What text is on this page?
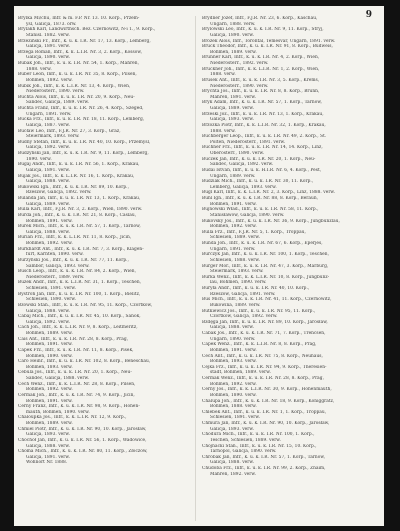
9
Brylka Mi/chu, Infr. & m. F.P. Nr. 13. 10. Korp., Przem-
yśl, Galicja, 1873. orw.
Brylakh Karl, Landwirthsch. Bez. Czernowitz, N-i 1., 9. Korp.,
Stanisl. 1882. verw.
Brzeziński Fr., Infr., k. u. k. I.R. Nr. 17, 13. Korp., Lemberg,
Galicja, 1891. verw.
Brzega Roman, Infr., k. k. L.I.R. Nr. 3, 2. Korp., Kossów,
Galicja, 1890. verw.
Bubak Joh., Infr., k. u. k. I.R. Nr. 54, 1. Korp., Mähren,
1888. verw.
Buber Leon, Infr., k. u. k. I.R. Nr. 35, 8. Korp., Pilsen,
Böhmen, 1892. verw.
Bubik Joh., Infr., k. k. L.I.R. Nr. 13, 4. Korp., Wien,
Niederösterr., 1890. verw.
Buchta Alois, Infr., k. u. k. I.R. Nr. 20, 9. Korp., Neu-
Sandec, Galicja, 1889. verw.
Buchta Franz, Infr., k. u. k. I.R. Nr. 26, 4. Korp., Szeged,
Ungarn, 1891. verw.
Bucka Frz., Infr., k. u. k. I.R. Nr. 18, 11. Korp., Lemberg,
Galicja, 1887. verw.
Bucław Leo, Infr., F.J.R. Nr. 27, 3. Korp., Graz,
Steiermark, 1893. verw.
Budny Stefan, Infr., k. u. k. I.R. Nr. 40, 10. Korp., Przemyśl,
Galicja, 1892. verw.
Budzyński Jan, Infr., k. u. k. I.R. Nr. 9, 11. Korp., Lemberg,
1890. verw.
Bugaj Andr., Infr., k. u. k. I.R. Nr. 56, 1. Korp., Krakau,
Galicja, 1891. verw.
Bujak Jos., Infr., k. k. L.I.R. Nr. 16, 1. Korp., Krakau,
Galicja, 1888. verw.
Bukowski Ign., Infr., k. u. k. I.R. Nr. 89, 10. Korp.,
Rzeszów, Galicja, 1892. verw.
Bulanda Jan, Infr., k. u. k. I.R. Nr. 13, 1. Korp., Krakau,
Galicja, 1889. verw.
Bulla Karl, Infr., F.J.R. Nr. 3, 2. Korp., Wien, 1890. verw.
Burda Joh., Infr., k. u. k. I.R. Nr. 21, 8. Korp., Čáslau,
Böhmen, 1891. verw.
Burek Mich., Infr., k. u. k. I.R. Nr. 57, 1. Korp., Tarnów,
Galicja, 1888. verw.
Burian Frz., Infr., k. k. L.I.R. Nr. 11, 8. Korp., Jičín,
Böhmen, 1892. verw.
Burkhardt Ant., Infr., k. u. k. I.R. Nr. 7, 3. Korp., Klagen-
furt, Kärnten, 1890. verw.
Burzyński Jos., Infr., k. u. k. I.R. Nr. 77, 11. Korp.,
Sambor, Galicja, 1893. verw.
Busch Leop., Infr., k. u. k. I.R. Nr. 84, 2. Korp., Wien,
Niederösterr., 1889. verw.
Buzek Andr., Infr., k. k. L.I.R. Nr. 31, 1. Korp., Teschen,
Schlesien, 1891. verw.
Bystroń Jan, Infr., k. u. k. I.R. Nr. 100, 1. Korp., Bielitz,
Schlesien, 1890. verw.
Bzowski Stan., Infr., k. u. k. I.R. Nr. 95, 11. Korp., Czortków,
Galicja, 1888. verw.
Cabaj Mich., Infr., k. u. k. I.R. Nr. 45, 10. Korp., Sanok,
Galicja, 1892. verw.
Cach Joh., Infr., k. k. L.I.R. Nr. 9, 8. Korp., Leitmeritz,
Böhmen, 1889. verw.
Cais Ant., Infr., k. u. k. I.R. Nr. 28, 8. Korp., Prag,
Böhmen, 1891. verw.
Capek Frz., Infr., k. u. k. I.R. Nr. 11, 8. Korp., Písek,
Böhmen, 1890. verw.
Caro Heinr., Infr., k. u. k. I.R. Nr. 102, 8. Korp., Beneschau,
Böhmen, 1893. verw.
Cebula Jos., Infr., k. u. k. I.R. Nr. 20, 1. Korp., Neu-
Sandec, Galicja, 1888. verw.
Cech Wenz., Infr., k. k. L.I.R. Nr. 28, 8. Korp., Pilsen,
Böhmen, 1892. verw.
Čermák Joh., Infr., k. u. k. I.R. Nr. 74, 9. Korp., Jičín,
Böhmen, 1891. verw.
Cerny Franz, Infr., k. u. k. I.R. Nr. 98, 9. Korp., Hohen-
mauth, Böhmen, 1890. verw.
Chaloupka Jos., Infr., k. k. L.I.R. Nr. 12, 9. Korp.,
Böhmen, 1889. verw.
Chmiel Piotr, Infr., k. u. k. I.R. Nr. 90, 10. Korp., Jarosław,
Galicja, 1893. verw.
Chochół Jan, Infr., k. u. k. I.R. Nr. 56, 1. Korp., Wadowice,
Galicja, 1888. verw.
Choma Mich., Infr., k. u. k. I.R. Nr. 80, 11. Korp., Złoczów,
Galicja, 1891. verw.
Wohnort Nr. 1888.
Brydner Józef, Infr., F.J.R. Nr. 23, 6. Korp., Kaschau,
Ungarn, 1888. verw.
Brylowski Leo, Infr., k. u. k. I.R. Nr. 9, 11. Korp., Stryj,
Galicja, 1890. verw.
Brożek Alois, Infr., Torontal, Temesvár, Ungarn, 1891. verw.
Bruck Theodor, Infr., k. u. k. I.R. Nr. 91, 8. Korp., Budweis,
Böhmen, 1889. verw.
Brunner Karl, Infr., k. u. k. I.R. Nr. 4, 2. Korp., Wien,
Niederösterr., 1892. verw.
Bruckner Joh., Infr., k. k. L.I.R. Nr. 1, 2. Korp., Wien,
1888. verw.
Brusek Ant., Infr., k. u. k. I.R. Nr. 3, 5. Korp., Krems,
Niederösterr., 1890. verw.
Brychta Jos., Infr., k. u. k. I.R. Nr. 8, 8. Korp., Brünn,
Mähren, 1891. verw.
Bryk Adam, Infr., k. u. k. I.R. Nr. 57, 1. Korp., Tarnów,
Galicja, 1889. verw.
Brzeski Józ., Infr., k. u. k. I.R. Nr. 13, 1. Korp., Krakau,
Galicja, 1893. verw.
Brzózka Piotr, Infr., k. k. L.I.R. Nr. 32, 1. Korp., Krakau,
1888. verw.
Buchberger Leop., Infr., k. u. k. I.R. Nr. 49, 2. Korp., St.
Pölten, Niederösterr., 1891. verw.
Buchner Frz., Infr., k. u. k. I.R. Nr. 14, 14. Korp., Linz,
Oberösterr., 1890. verw.
Buczek Jan, Infr., k. u. k. I.R. Nr. 20, 1. Korp., Neu-
Sandec, Galicja, 1892. verw.
Budai Istvan, Infr., k. u. k. H.I.R. Nr. 6, 4. Korp., Pest,
Ungarn, 1889. verw.
Budziak Mich., Infr., k. u. k. I.R. Nr. 30, 11. Korp.,
Lemberg, Galicja, 1893. verw.
Bugl Karl, Infr., k. k. L.I.R. Nr. 2, 3. Korp., Linz, 1888. verw.
Buhl Ign., Infr., k. u. k. I.R. Nr. 88, 8. Korp., Beraun,
Böhmen, 1891. verw.
Bujnowski Wład., Infr., k. u. k. I.R. Nr. 58, 11. Korp.,
Stanisławów, Galicja, 1890. verw.
Bukovský Jos., Infr., k. u. k. I.R. Nr. 36, 9. Korp., Jungbunzlau,
Böhmen, 1892. verw.
Bulla Frz., Infr., F.J.R. Nr. 5, 1. Korp., Troppau,
Schlesien, 1889. verw.
Bunda Joh., Infr., k. u. k. I.R. Nr. 67, 6. Korp., Eperjes,
Ungarn, 1891. verw.
Burczyk Jan, Infr., k. u. k. I.R. Nr. 100, 1. Korp., Teschen,
Schlesien, 1888. verw.
Burger Mor., Infr., k. u. k. I.R. Nr. 47, 3. Korp., Marburg,
Steiermark, 1893. verw.
Burka Wenz., Infr., k. k. L.I.R. Nr. 10, 8. Korp., Jungbunz-
lau, Böhmen, 1890. verw.
Buryła Andr., Infr., k. u. k. I.R. Nr. 40, 10. Korp.,
Rzeszów, Galicja, 1891. verw.
Buś Mich., Infr., k. u. k. I.R. Nr. 41, 11. Korp., Czernowitz,
Bukowina, 1889. verw.
Butkiewicz Jos., Infr., k. u. k. I.R. Nr. 95, 11. Korp.,
Czortków, Galicja, 1892. verw.
Bzdęga Jan, Infr., k. u. k. I.R. Nr. 89, 10. Korp., Jarosław,
Galicja, 1888. verw.
Cabák Jos., Infr., k. u. k. I.R. Nr. 71, 7. Korp., Trencsén,
Ungarn, 1890. verw.
Čapek Wenz., Infr., k. k. L.I.R. Nr. 8, 8. Korp., Prag,
Böhmen, 1891. verw.
Cech Ant., Infr., k. u. k. I.R. Nr. 75, 8. Korp., Neuhaus,
Böhmen, 1893. verw.
Čejka Frz., Infr., k. u. k. I.R. Nr. 94, 9. Korp., Theresien-
stadt, Böhmen, 1889. verw.
Čermák Wenz., Infr., k. u. k. I.R. Nr. 28, 8. Korp., Prag,
Böhmen, 1892. verw.
Černý Jos., Infr., k. k. L.I.R. Nr. 30, 9. Korp., Hohenmauth,
Böhmen, 1890. verw.
Chalupa Joh., Infr., k. u. k. I.R. Nr. 18, 9. Korp., Königgrätz,
Böhmen, 1888. verw.
Chlebek Ant., Infr., k. u. k. I.R. Nr. 1, 1. Korp., Troppau,
Schlesien, 1891. verw.
Chmura Jan, Infr., k. u. k. I.R. Nr. 90, 10. Korp., Jarosław,
Galicja, 1893. verw.
Chodura Mich., Infr., k. u. k. I.R. Nr. 100, 1. Korp.,
Teschen, Schlesien, 1889. verw.
Chojnacki Stan., Infr., k. u. k. I.R. Nr. 15, 10. Korp.,
Tarnopol, Galicja, 1890. verw.
Chrobak Jan, Infr., k. u. k. I.R. Nr. 57, 1. Korp., Tarnów,
Galicja, 1888. verw.
Chudoba Frz., Infr., k. u. k. I.R. Nr. 99, 2. Korp., Znaim,
Mähren, 1892. verw.
